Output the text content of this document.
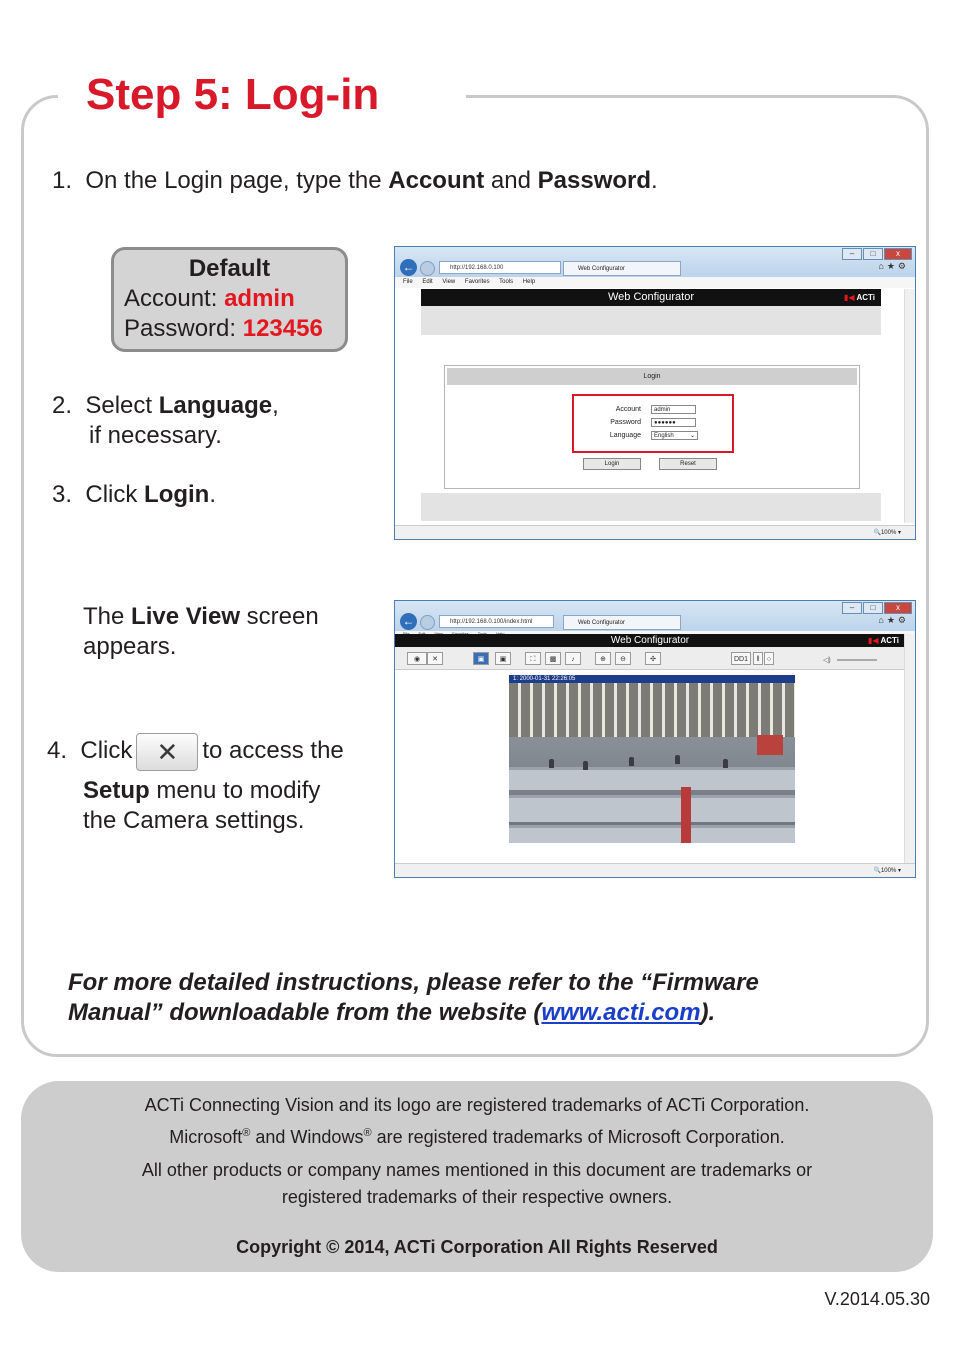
Step 5: Log-in
1. On the Login page, type the Account and Password.
Default
Account: admin
Password: 123456
2. Select Language,
if necessary.
3. Click Login.
–	□	x
←	http://192.168.0.100	Web Configurator	⌂★⚙
File Edit View Favorites Tools Help
Web Configurator	▮◀ ACTi
Login
Account	admin
Password	●●●●●●
Language	English	⌄
Login	Reset
🔍100% ▾
The Live View screen
appears.
4. Click ✕	to access the
Setup menu to modify
the Camera settings.
–	□	x
←	http://192.168.0.100/index.html	Web Configurator	⌂★⚙
Web Configurator	▮◀ ACTi
◉	✕	▣	▣	⛶	▩	♪	⊕	⊖	✣	DD1	‖	○	◁)
1: 2000-01-31 22:26:05
🔍100% ▾
For more detailed instructions, please refer to the “Firmware
Manual” downloadable from the website (www.acti.com).
ACTi Connecting Vision and its logo are registered trademarks of ACTi Corporation.
Microsoft® and Windows® are registered trademarks of Microsoft Corporation.
All other products or company names mentioned in this document are trademarks or
registered trademarks of their respective owners.
Copyright © 2014, ACTi Corporation All Rights Reserved
V.2014.05.30
